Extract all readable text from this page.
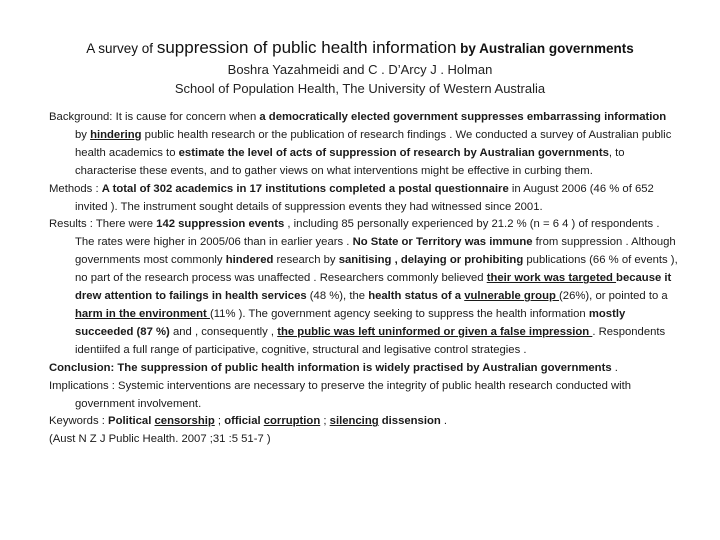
A survey of suppression of public health information by Australian governments
Boshra Yazahmeidi and C . D’Arcy J . Holman
School of Population Health, The University of Western Australia

Background: It is cause for concern when a democratically elected government suppresses embarrassing information by hindering public health research or the publication of research findings . We conducted a survey of Australian public health academics to estimate the level of acts of suppression of research by Australian governments, to characterise these events, and to gather views on what interventions might be effective in curbing them.

Methods : A total of 302 academics in 17 institutions completed a postal questionnaire in August 2006 (46 % of 652 invited ). The instrument sought details of suppression events they had witnessed since 2001.

Results : There were 142 suppression events , including 85 personally experienced by 21.2 % (n = 6 4 ) of respondents . The rates were higher in 2005/06 than in earlier years . No State or Territory was immune from suppression . Although governments most commonly hindered research by sanitising , delaying or prohibiting publications (66 % of events ), no part of the research process was unaffected . Researchers commonly believed their work was targeted because it drew attention to failings in health services (48 %), the health status of a vulnerable group (26%), or pointed to a harm in the environment (11% ). The government agency seeking to suppress the health information mostly succeeded (87 %) and , consequently , the public was left uninformed or given a false impression . Respondents identiifed a full range of participative, cognitive, structural and legisative control strategies .

Conclusion: The suppression of public health information is widely practised by Australian governments .

Implications : Systemic interventions are necessary to preserve the integrity of public health research conducted with government involvement.

Keywords : Political censorship ; official corruption ; silencing dissension .

(Aust N Z J Public Health. 2007 ;31 :5 51-7 )
